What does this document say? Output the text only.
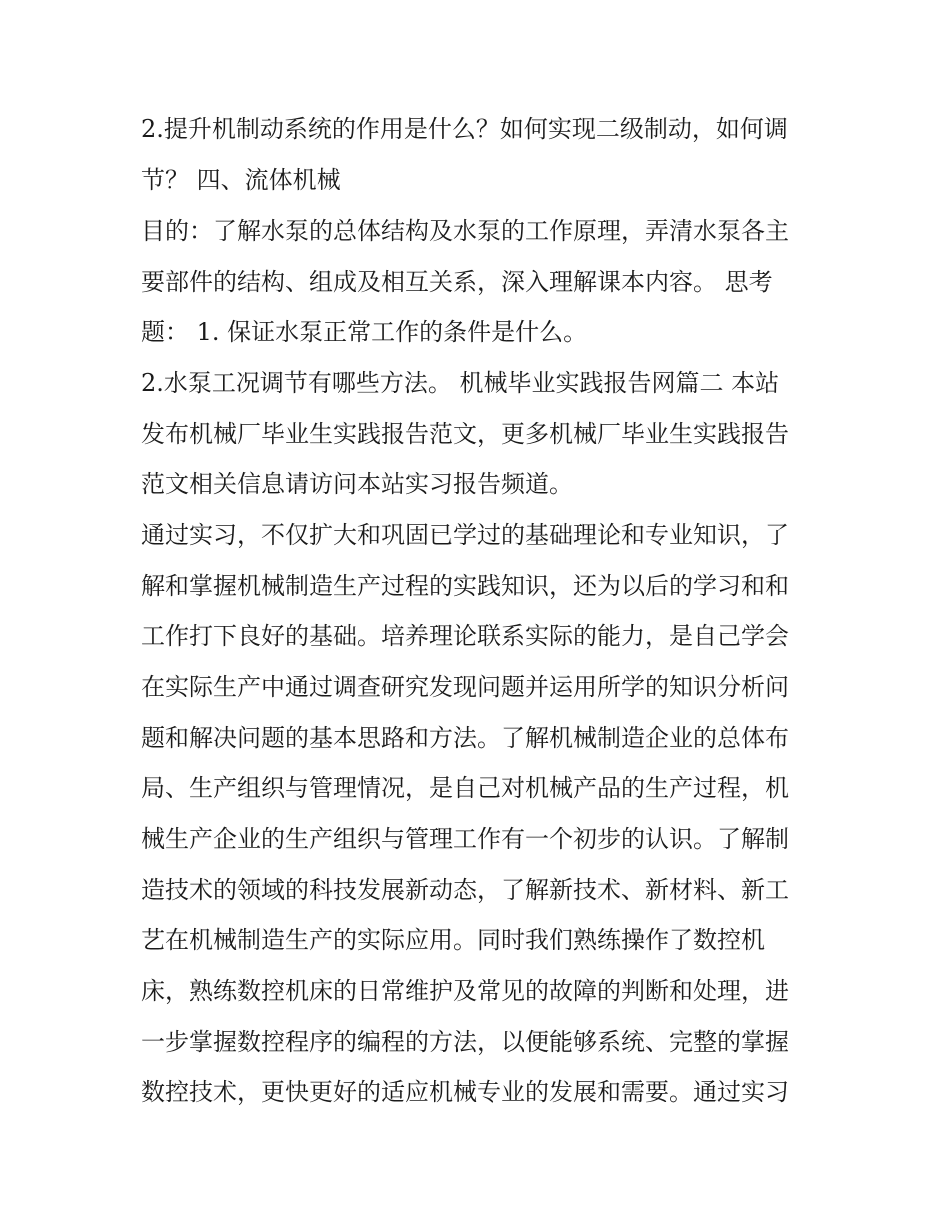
2.提升机制动系统的作用是什么？如何实现二级制动，如何调
节？ 四、流体机械
目的：了解水泵的总体结构及水泵的工作原理，弄清水泵各主
要部件的结构、组成及相互关系，深入理解课本内容。 思考
题： 1. 保证水泵正常工作的条件是什么。
2.水泵工况调节有哪些方法。 机械毕业实践报告网篇二 本站
发布机械厂毕业生实践报告范文，更多机械厂毕业生实践报告
范文相关信息请访问本站实习报告频道。
通过实习，不仅扩大和巩固已学过的基础理论和专业知识，了
解和掌握机械制造生产过程的实践知识，还为以后的学习和和
工作打下良好的基础。培养理论联系实际的能力，是自己学会
在实际生产中通过调查研究发现问题并运用所学的知识分析问
题和解决问题的基本思路和方法。了解机械制造企业的总体布
局、生产组织与管理情况，是自己对机械产品的生产过程，机
械生产企业的生产组织与管理工作有一个初步的认识。了解制
造技术的领域的科技发展新动态，了解新技术、新材料、新工
艺在机械制造生产的实际应用。同时我们熟练操作了数控机
床，熟练数控机床的日常维护及常见的故障的判断和处理，进
一步掌握数控程序的编程的方法，以便能够系统、完整的掌握
数控技术，更快更好的适应机械专业的发展和需要。通过实习
